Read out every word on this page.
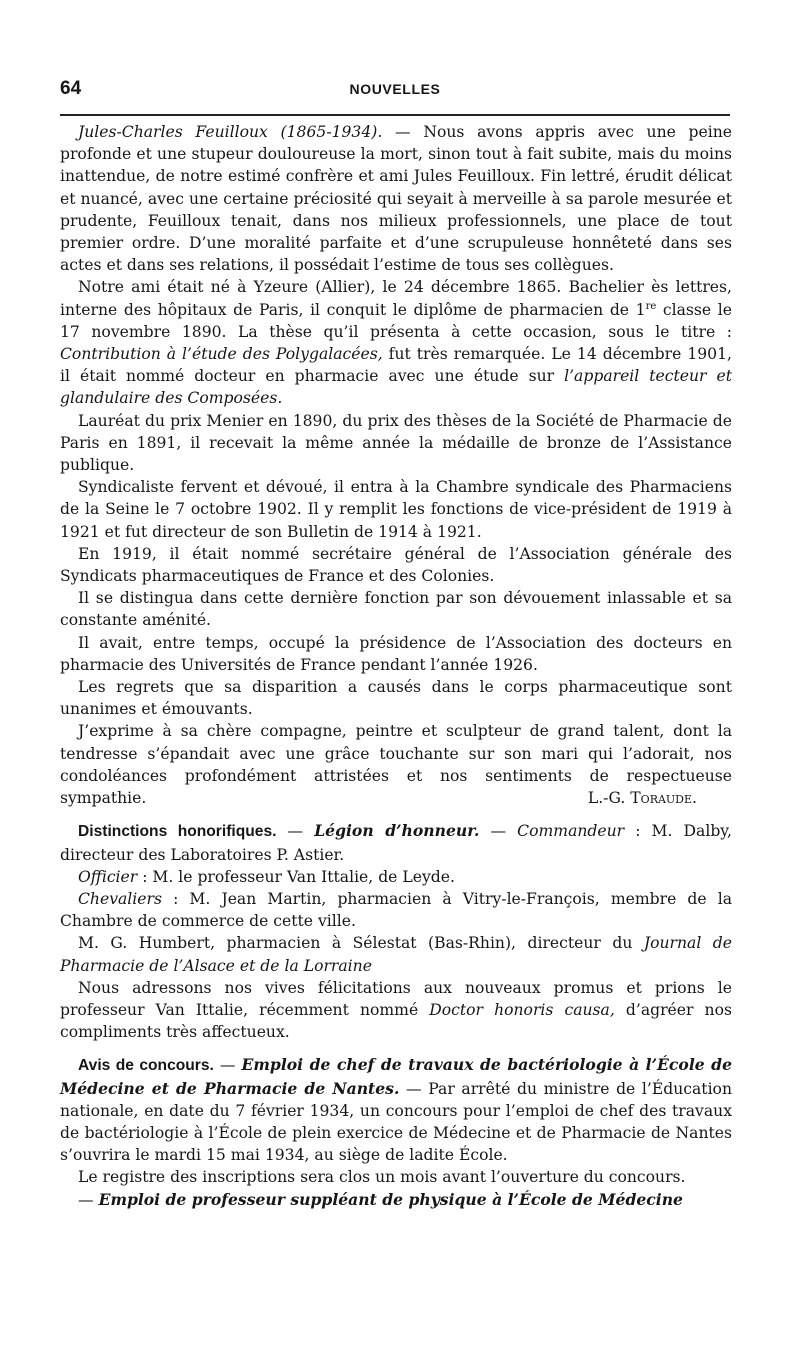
64	NOUVELLES

Jules-Charles Feuilloux (1865-1934). — Nous avons appris avec une peine profonde et une stupeur douloureuse la mort, sinon tout à fait subite, mais du moins inattendue, de notre estimé confrère et ami Jules Feuilloux. Fin lettré, érudit délicat et nuancé, avec une certaine préciosité qui seyait à merveille à sa parole mesurée et prudente, Feuilloux tenait, dans nos milieux professionnels, une place de tout premier ordre. D’une moralité parfaite et d’une scrupuleuse honnêteté dans ses actes et dans ses relations, il possédait l’estime de tous ses collègues.

Notre ami était né à Yzeure (Allier), le 24 décembre 1865. Bachelier ès lettres, interne des hôpitaux de Paris, il conquit le diplôme de pharmacien de 1re classe le 17 novembre 1890. La thèse qu’il présenta à cette occasion, sous le titre : Contribution à l’étude des Polygalacées, fut très remarquée. Le 14 décembre 1901, il était nommé docteur en pharmacie avec une étude sur l’appareil tecteur et glandulaire des Composées.

Lauréat du prix Menier en 1890, du prix des thèses de la Société de Pharmacie de Paris en 1891, il recevait la même année la médaille de bronze de l’Assistance publique.

Syndicaliste fervent et dévoué, il entra à la Chambre syndicale des Pharmaciens de la Seine le 7 octobre 1902. Il y remplit les fonctions de vice-président de 1919 à 1921 et fut directeur de son Bulletin de 1914 à 1921.

En 1919, il était nommé secrétaire général de l’Association générale des Syndicats pharmaceutiques de France et des Colonies.

Il se distingua dans cette dernière fonction par son dévouement inlassable et sa constante aménité.

Il avait, entre temps, occupé la présidence de l’Association des docteurs en pharmacie des Universités de France pendant l’année 1926.

Les regrets que sa disparition a causés dans le corps pharmaceutique sont unanimes et émouvants.

J’exprime à sa chère compagne, peintre et sculpteur de grand talent, dont la tendresse s’épandait avec une grâce touchante sur son mari qui l’adorait, nos condoléances profondément attristées et nos sentiments de respectueuse sympathie.	L.-G. Toraude.

Distinctions honorifiques. — Légion d’honneur. — Commandeur : M. Dalby, directeur des Laboratoires P. Astier.

Officier : M. le professeur Van Ittalie, de Leyde.

Chevaliers : M. Jean Martin, pharmacien à Vitry-le-François, membre de la Chambre de commerce de cette ville.

M. G. Humbert, pharmacien à Sélestat (Bas-Rhin), directeur du Journal de Pharmacie de l’Alsace et de la Lorraine

Nous adressons nos vives félicitations aux nouveaux promus et prions le professeur Van Ittalie, récemment nommé Doctor honoris causa, d’agréer nos compliments très affectueux.

Avis de concours. — Emploi de chef de travaux de bactériologie à l’École de Médecine et de Pharmacie de Nantes. — Par arrêté du ministre de l’Éducation nationale, en date du 7 février 1934, un concours pour l’emploi de chef des travaux de bactériologie à l’École de plein exercice de Médecine et de Pharmacie de Nantes s’ouvrira le mardi 15 mai 1934, au siège de ladite École.

Le registre des inscriptions sera clos un mois avant l’ouverture du concours.

— Emploi de professeur suppléant de physique à l’École de Médecine
